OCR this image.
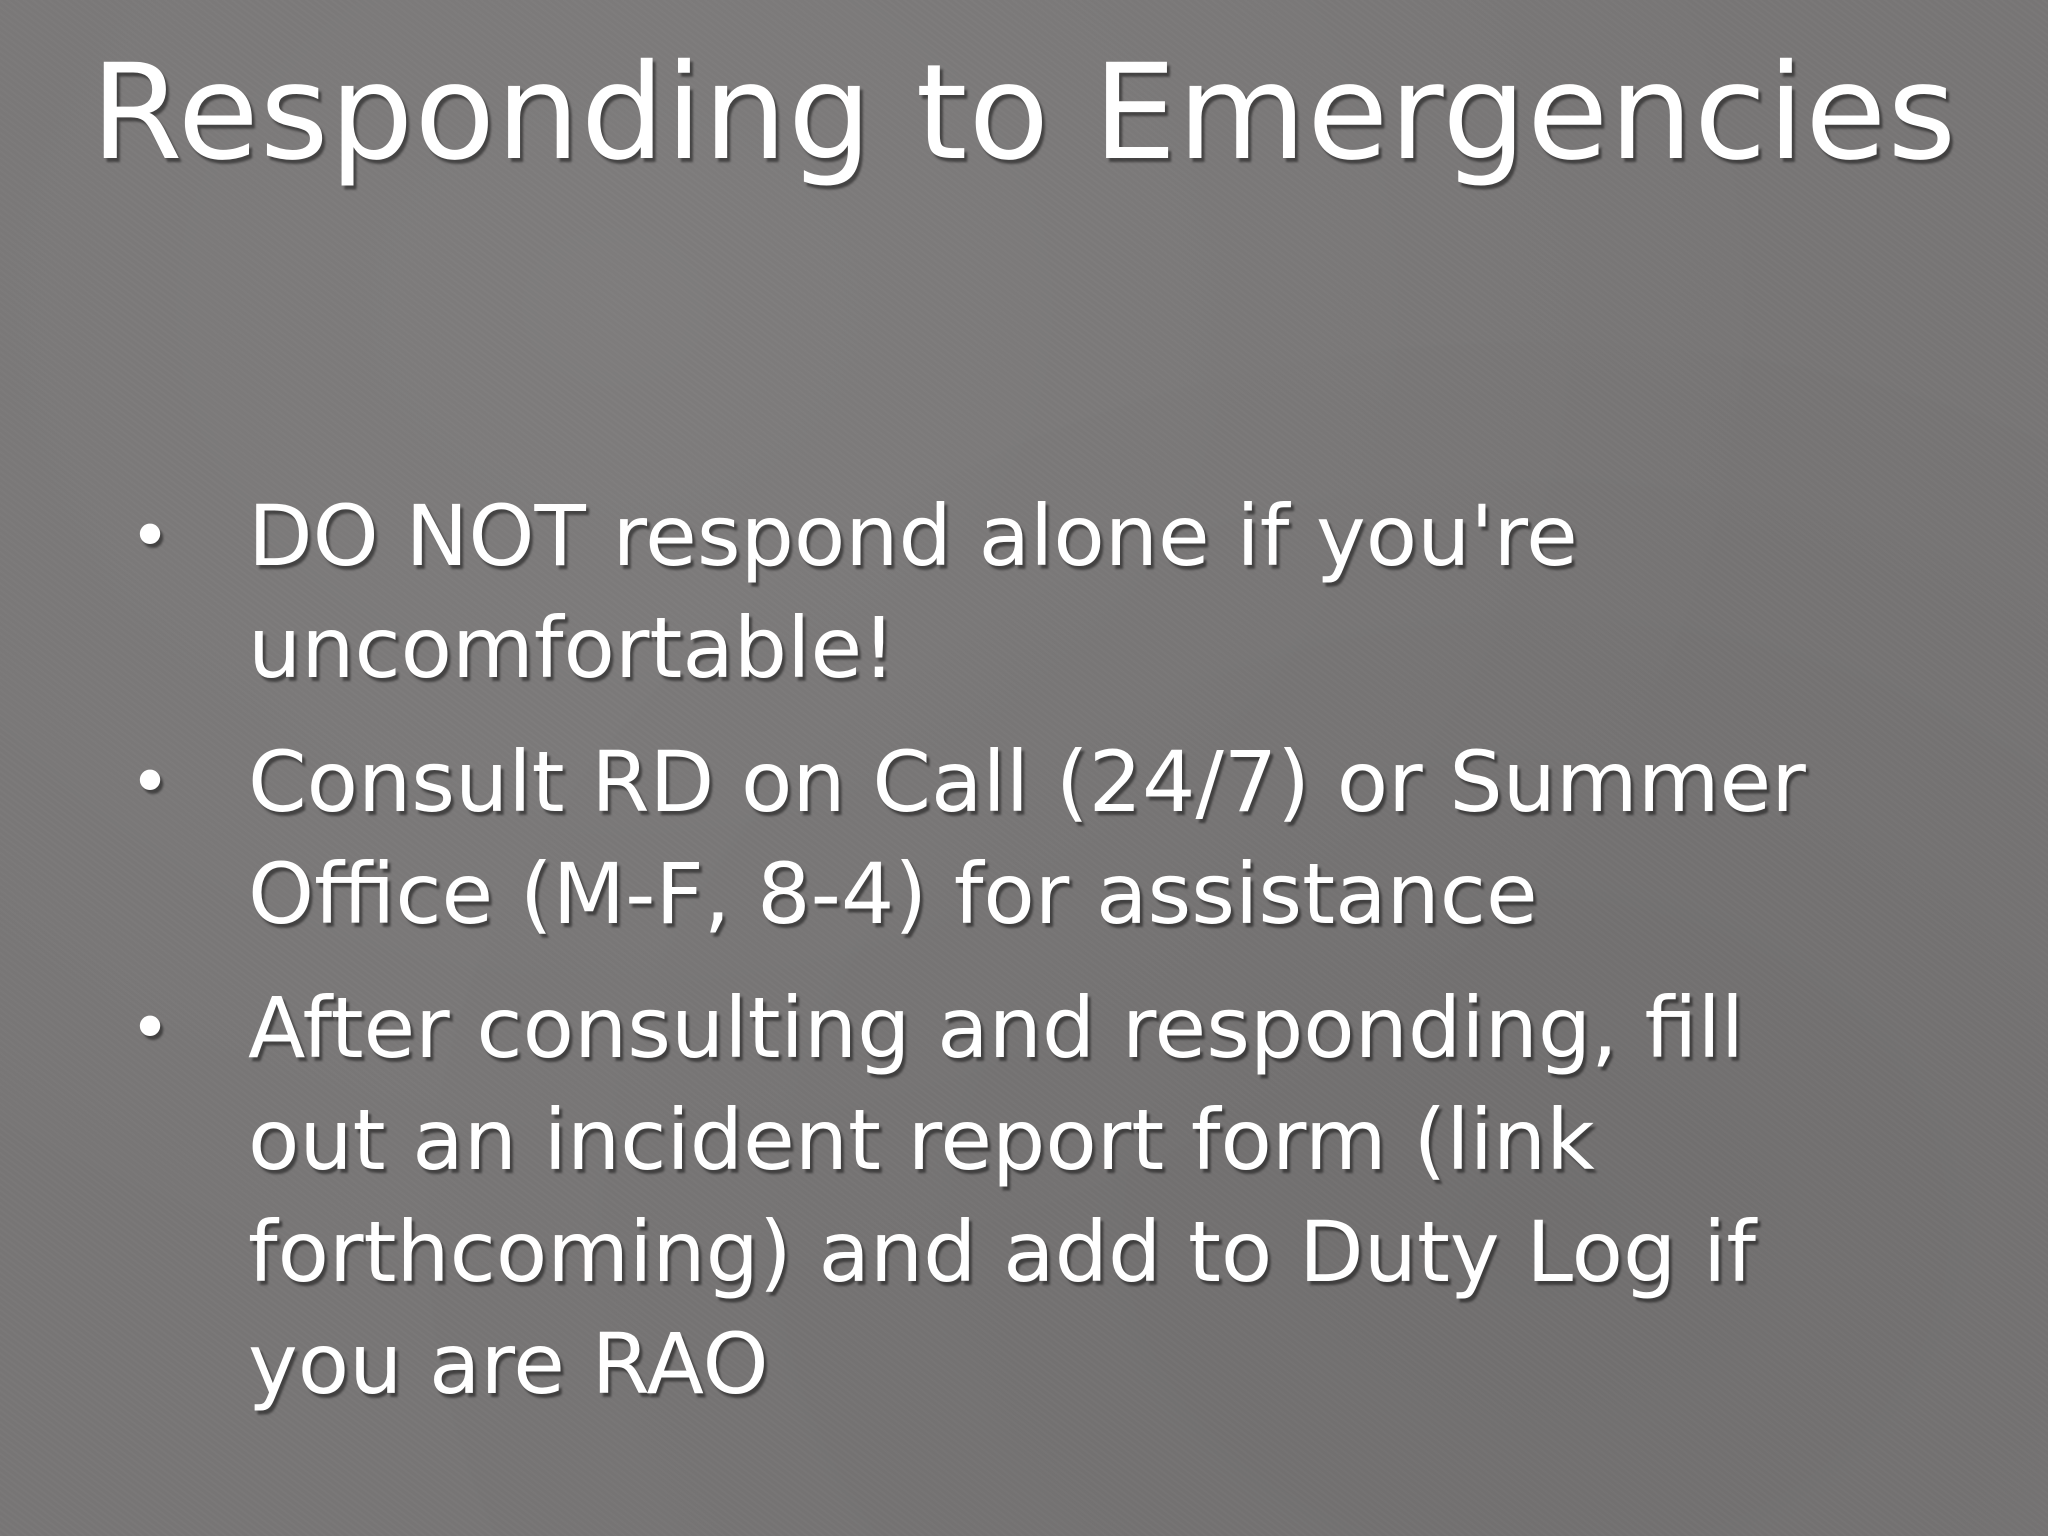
Responding to Emergencies
• DO NOT respond alone if you're uncomfortable!
• Consult RD on Call (24/7) or Summer Office (M-F, 8-4) for assistance
• After consulting and responding, fill out an incident report form (link forthcoming) and add to Duty Log if you are RAO
